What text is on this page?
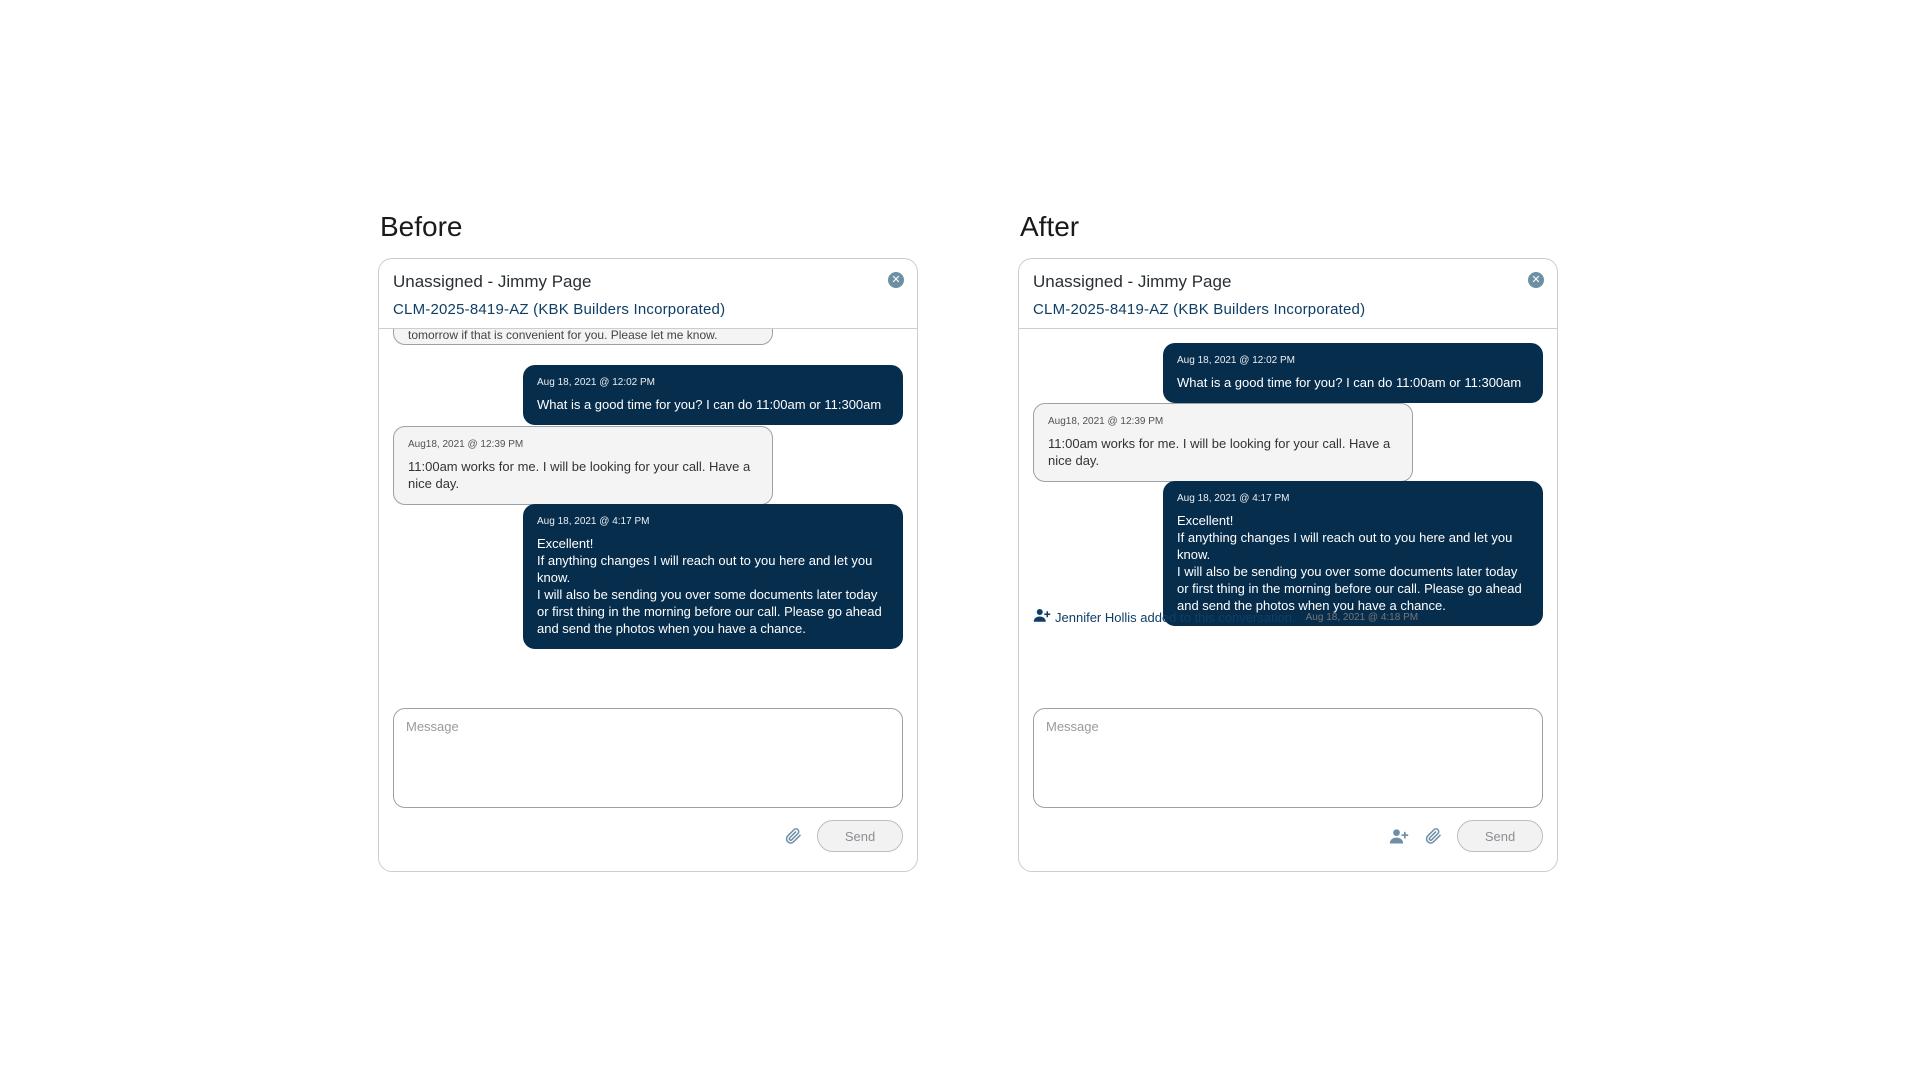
Before
Unassigned - Jimmy Page
CLM-2025-8419-AZ (KBK Builders Incorporated)
✕
tomorrow if that is convenient for you. Please let me know.
Aug 18, 2021 @ 12:02 PM
What is a good time for you? I can do 11:00am or 11:300am
Aug18, 2021 @ 12:39 PM
11:00am works for me. I will be looking for your call. Have a nice day.
Aug 18, 2021 @ 4:17 PM
Excellent!
If anything changes I will reach out to you here and let you know.
I will also be sending you over some documents later today or first thing in the morning before our call. Please go ahead and send the photos when you have a chance.
Message
Send
After
Unassigned - Jimmy Page
CLM-2025-8419-AZ (KBK Builders Incorporated)
✕
Aug 18, 2021 @ 12:02 PM
What is a good time for you? I can do 11:00am or 11:300am
Aug18, 2021 @ 12:39 PM
11:00am works for me. I will be looking for your call. Have a nice day.
Aug 18, 2021 @ 4:17 PM
Excellent!
If anything changes I will reach out to you here and let you know.
I will also be sending you over some documents later today or first thing in the morning before our call. Please go ahead and send the photos when you have a chance.
Jennifer Hollis added to this conversation. Aug 18, 2021 @ 4:18 PM
Message
Send
